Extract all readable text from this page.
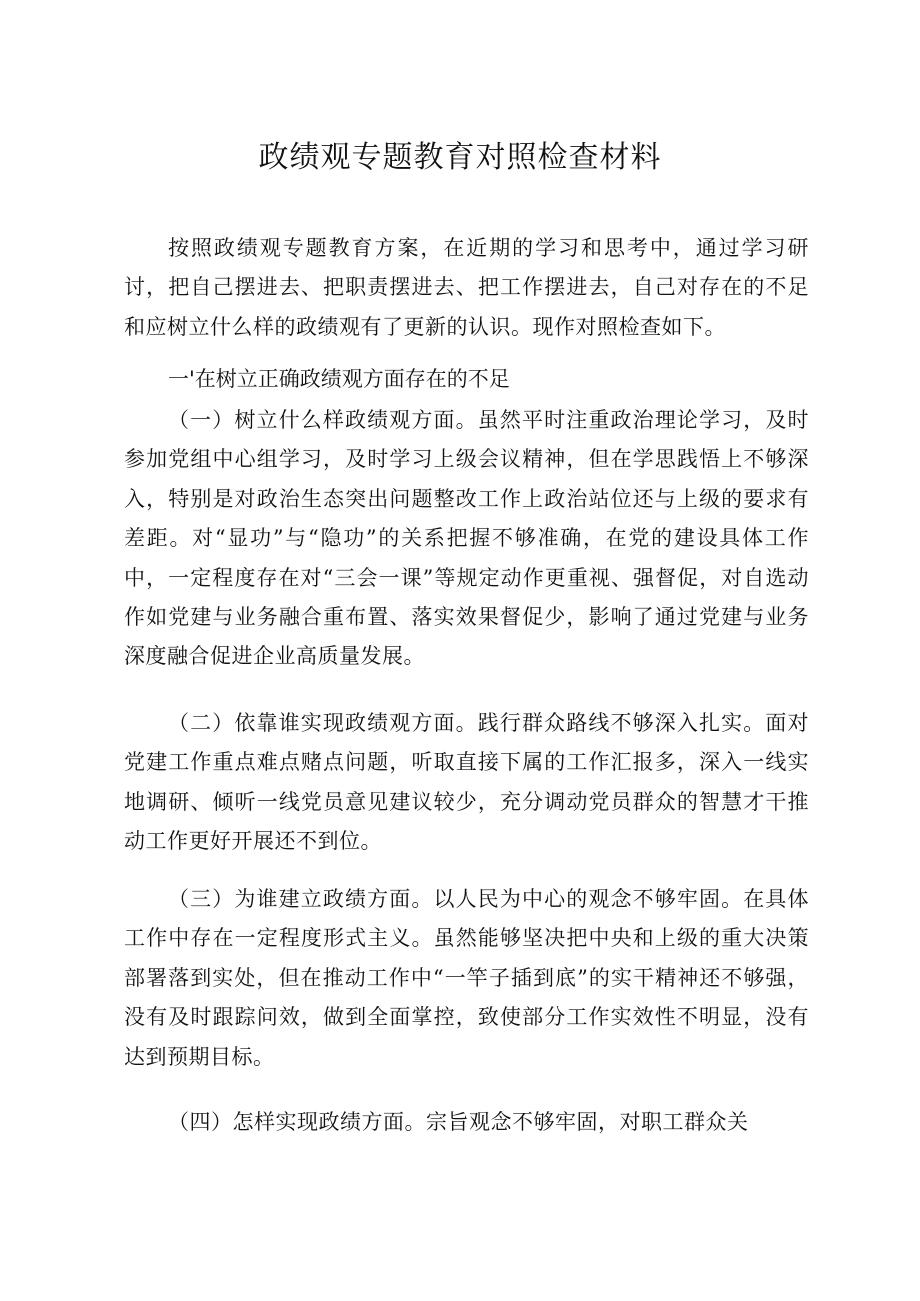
政绩观专题教育对照检查材料

按照政绩观专题教育方案，在近期的学习和思考中，通过学习研讨，把自己摆进去、把职责摆进去、把工作摆进去，自己对存在的不足和应树立什么样的政绩观有了更新的认识。现作对照检查如下。

一'在树立正确政绩观方面存在的不足

（一）树立什么样政绩观方面。虽然平时注重政治理论学习，及时参加党组中心组学习，及时学习上级会议精神，但在学思践悟上不够深入，特别是对政治生态突出问题整改工作上政治站位还与上级的要求有差距。对“显功”与“隐功”的关系把握不够准确，在党的建设具体工作中，一定程度存在对“三会一课”等规定动作更重视、强督促，对自选动作如党建与业务融合重布置、落实效果督促少，影响了通过党建与业务深度融合促进企业高质量发展。

（二）依靠谁实现政绩观方面。践行群众路线不够深入扎实。面对党建工作重点难点赌点问题，听取直接下属的工作汇报多，深入一线实地调研、倾听一线党员意见建议较少，充分调动党员群众的智慧才干推动工作更好开展还不到位。

（三）为谁建立政绩方面。以人民为中心的观念不够牢固。在具体工作中存在一定程度形式主义。虽然能够坚决把中央和上级的重大决策部署落到实处，但在推动工作中“一竿子插到底”的实干精神还不够强，没有及时跟踪问效，做到全面掌控，致使部分工作实效性不明显，没有达到预期目标。

（四）怎样实现政绩方面。宗旨观念不够牢固，对职工群众关
